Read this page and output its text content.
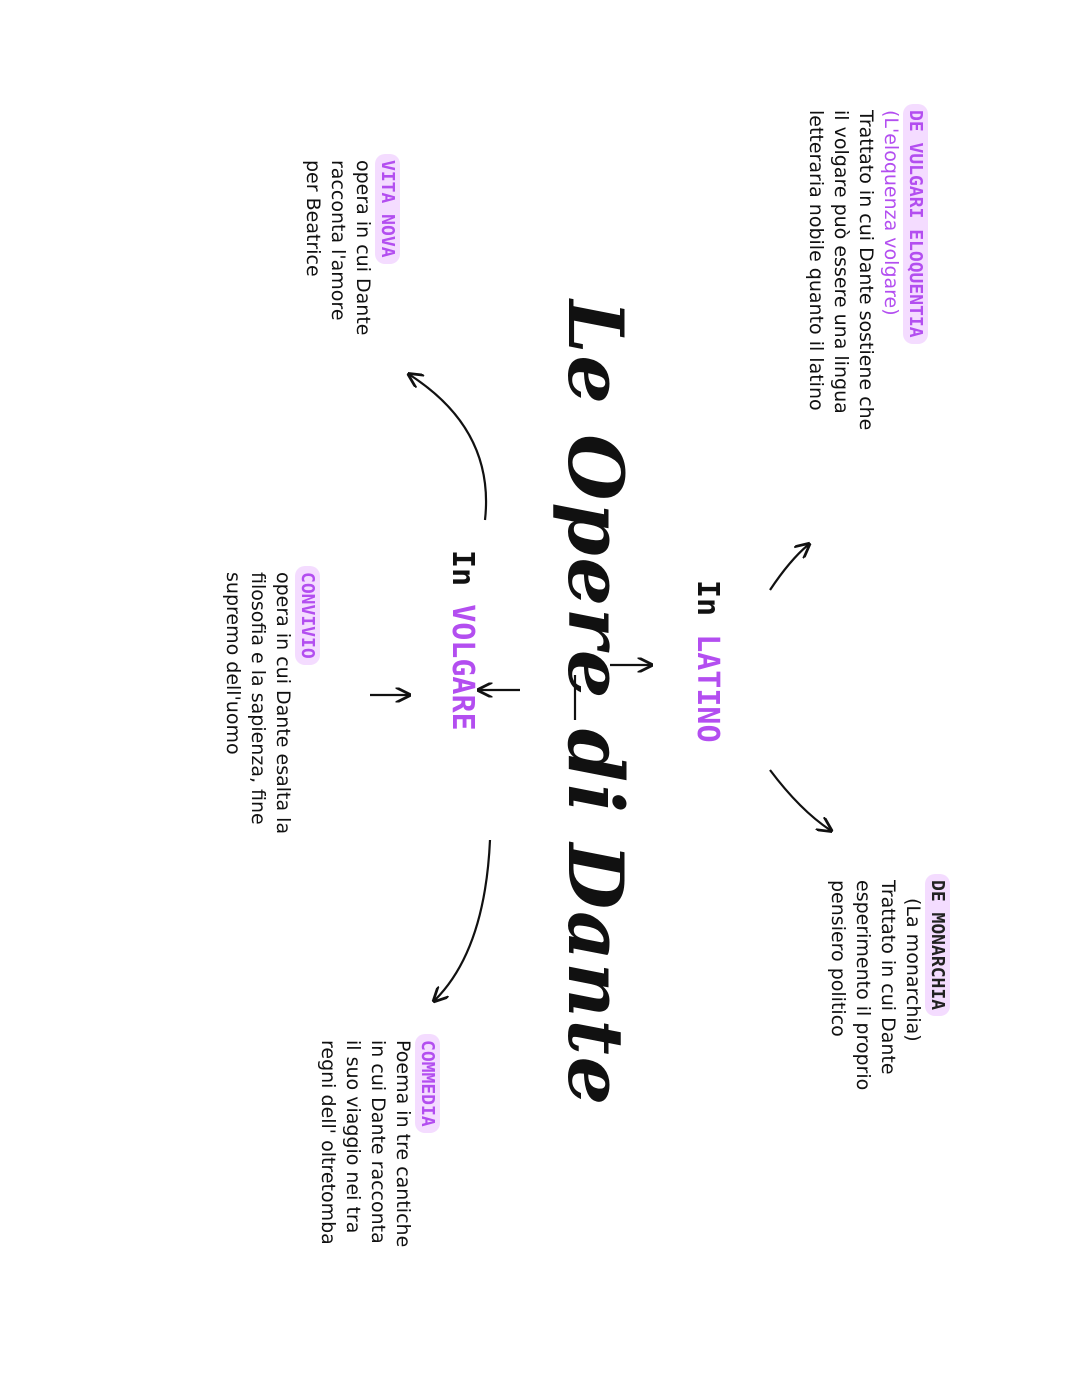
Le Opere di Dante In LATINO
In VOLGARE
DE VULGARI ELOQUENTIA
(L'eloquenza volgare)
Trattato in cui Dante sostiene che
il volgare può essere una lingua
letteraria nobile quanto il latino
DE MONARCHIA
(La monarchia)
Trattato in cui Dante
esperimento il proprio
pensiero politico
VITA NOVA
opera in cui Dante
racconta l'amore
per Beatrice
CONVIVIO
opera in cui Dante esalta la
filosofia e la sapienza, fine
supremo dell'uomo
COMMEDIA
Poema in tre cantiche
in cui Dante racconta
il suo viaggio nei tra
regni dell' oltretomba
